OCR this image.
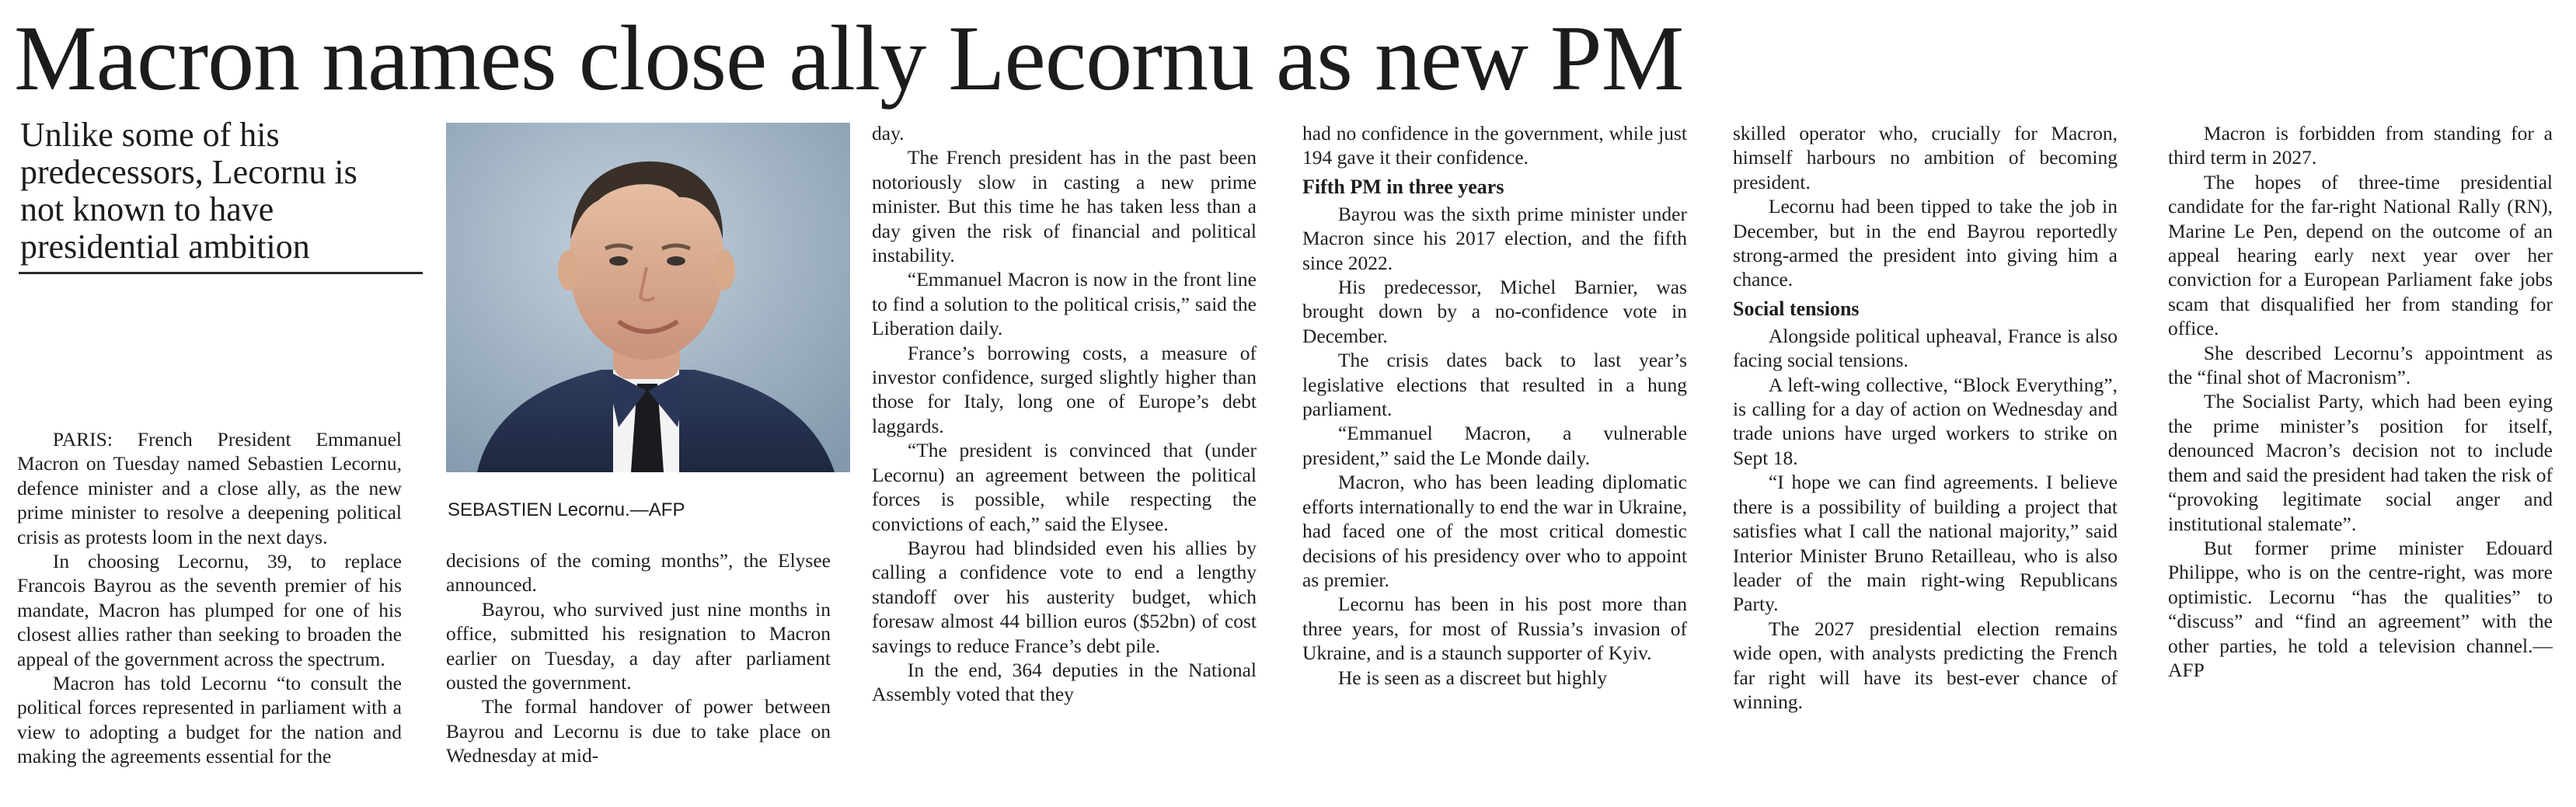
Macron names close ally Lecornu as new PM
Unlike some of his predecessors, Lecornu is not known to have presidential ambition
SEBASTIEN Lecornu.—AFP

PARIS: French President Emmanuel Macron on Tuesday named Sebastien Lecornu, defence minister and a close ally, as the new prime minister to resolve a deepening political crisis as protests loom in the next days.

In choosing Lecornu, 39, to replace Francois Bayrou as the seventh premier of his mandate, Macron has plumped for one of his closest allies rather than seeking to broaden the appeal of the government across the spectrum.

Macron has told Lecornu “to consult the political forces represented in parliament with a view to adopting a budget for the nation and making the agreements essential for the

decisions of the coming months”, the Elysee announced.

Bayrou, who survived just nine months in office, submitted his resignation to Macron earlier on Tuesday, a day after parliament ousted the government.

The formal handover of power between Bayrou and Lecornu is due to take place on Wednesday at mid-

day.

The French president has in the past been notoriously slow in casting a new prime minister. But this time he has taken less than a day given the risk of financial and political instability.

“Emmanuel Macron is now in the front line to find a solution to the political crisis,” said the Liberation daily.

France’s borrowing costs, a measure of investor confidence, surged slightly higher than those for Italy, long one of Europe’s debt laggards.

“The president is convinced that (under Lecornu) an agreement between the political forces is possible, while respecting the convictions of each,” said the Elysee.

Bayrou had blindsided even his allies by calling a confidence vote to end a lengthy standoff over his austerity budget, which foresaw almost 44 billion euros ($52bn) of cost savings to reduce France’s debt pile.

In the end, 364 deputies in the National Assembly voted that they

had no confidence in the government, while just 194 gave it their confidence.

Fifth PM in three years

Bayrou was the sixth prime minister under Macron since his 2017 election, and the fifth since 2022.

His predecessor, Michel Barnier, was brought down by a no-confidence vote in December.

The crisis dates back to last year’s legislative elections that resulted in a hung parliament.

“Emmanuel Macron, a vulnerable president,” said the Le Monde daily.

Macron, who has been leading diplomatic efforts internationally to end the war in Ukraine, had faced one of the most critical domestic decisions of his presidency over who to appoint as premier.

Lecornu has been in his post more than three years, for most of Russia’s invasion of Ukraine, and is a staunch supporter of Kyiv.

He is seen as a discreet but highly

skilled operator who, crucially for Macron, himself harbours no ambition of becoming president.

Lecornu had been tipped to take the job in December, but in the end Bayrou reportedly strong-armed the president into giving him a chance.

Social tensions

Alongside political upheaval, France is also facing social tensions.

A left-wing collective, “Block Everything”, is calling for a day of action on Wednesday and trade unions have urged workers to strike on Sept 18.

“I hope we can find agreements. I believe there is a possibility of building a project that satisfies what I call the national majority,” said Interior Minister Bruno Retailleau, who is also leader of the main right-wing Republicans Party.

The 2027 presidential election remains wide open, with analysts predicting the French far right will have its best-ever chance of winning.

Macron is forbidden from standing for a third term in 2027.

The hopes of three-time presidential candidate for the far-right National Rally (RN), Marine Le Pen, depend on the outcome of an appeal hearing early next year over her conviction for a European Parliament fake jobs scam that disqualified her from standing for office.

She described Lecornu’s appointment as the “final shot of Macronism”.

The Socialist Party, which had been eying the prime minister’s position for itself, denounced Macron’s decision not to include them and said the president had taken the risk of “provoking legitimate social anger and institutional stalemate”.

But former prime minister Edouard Philippe, who is on the centre-right, was more optimistic. Lecornu “has the qualities” to “discuss” and “find an agreement” with the other parties, he told a television channel.—AFP
